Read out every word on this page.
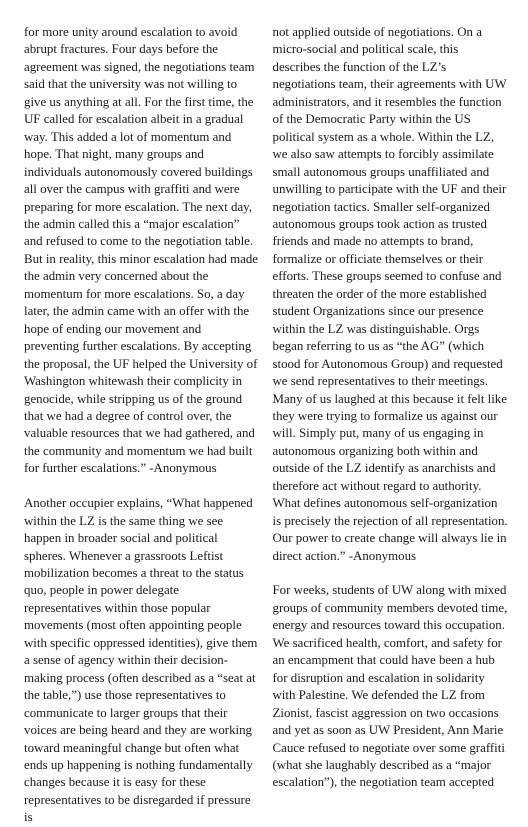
for more unity around escalation to avoid abrupt fractures. Four days before the agreement was signed, the negotiations team said that the university was not willing to give us anything at all. For the first time, the UF called for escalation albeit in a gradual way. This added a lot of momentum and hope. That night, many groups and individuals autonomously covered buildings all over the campus with graffiti and were preparing for more escalation. The next day, the admin called this a “major escalation” and refused to come to the negotiation table. But in reality, this minor escalation had made the admin very concerned about the momentum for more escalations. So, a day later, the admin came with an offer with the hope of ending our movement and preventing further escalations. By accepting the proposal, the UF helped the University of Washington whitewash their complicity in genocide, while stripping us of the ground that we had a degree of control over, the valuable resources that we had gathered, and the community and momentum we had built for further escalations.” -Anonymous

Another occupier explains, “What happened within the LZ is the same thing we see happen in broader social and political spheres. Whenever a grassroots Leftist mobilization becomes a threat to the status quo, people in power delegate representatives within those popular movements (most often appointing people with specific oppressed identities), give them a sense of agency within their decision-making process (often described as a “seat at the table,”) use those representatives to communicate to larger groups that their voices are being heard and they are working toward meaningful change but often what ends up happening is nothing fundamentally changes because it is easy for these representatives to be disregarded if pressure is

not applied outside of negotiations. On a micro-social and political scale, this describes the function of the LZ’s negotiations team, their agreements with UW administrators, and it resembles the function of the Democratic Party within the US political system as a whole. Within the LZ, we also saw attempts to forcibly assimilate small autonomous groups unaffiliated and unwilling to participate with the UF and their negotiation tactics. Smaller self-organized autonomous groups took action as trusted friends and made no attempts to brand, formalize or officiate themselves or their efforts. These groups seemed to confuse and threaten the order of the more established student Organizations since our presence within the LZ was distinguishable. Orgs began referring to us as “the AG” (which stood for Autonomous Group) and requested we send representatives to their meetings. Many of us laughed at this because it felt like they were trying to formalize us against our will. Simply put, many of us engaging in autonomous organizing both within and outside of the LZ identify as anarchists and therefore act without regard to authority. What defines autonomous self-organization is precisely the rejection of all representation. Our power to create change will always lie in direct action.” -Anonymous

For weeks, students of UW along with mixed groups of community members devoted time, energy and resources toward this occupation. We sacrificed health, comfort, and safety for an encampment that could have been a hub for disruption and escalation in solidarity with Palestine. We defended the LZ from Zionist, fascist aggression on two occasions and yet as soon as UW President, Ann Marie Cauce refused to negotiate over some graffiti (what she laughably described as a “major escalation”), the negotiation team accepted
